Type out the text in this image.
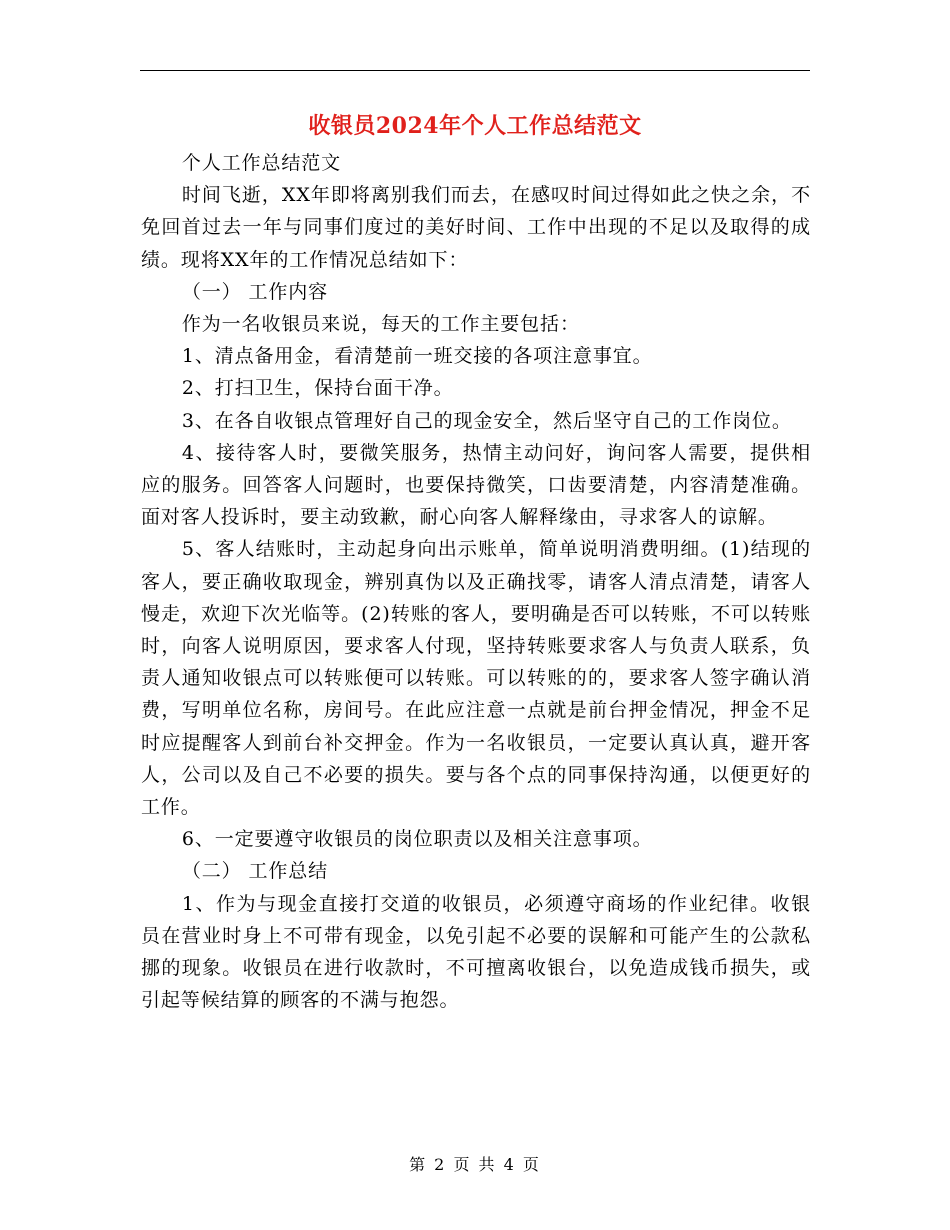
收银员2024年个人工作总结范文

个人工作总结范文

时间飞逝，XX年即将离别我们而去，在感叹时间过得如此之快之余，不免回首过去一年与同事们度过的美好时间、工作中出现的不足以及取得的成绩。现将XX年的工作情况总结如下：

（一） 工作内容

作为一名收银员来说，每天的工作主要包括：

1、清点备用金，看清楚前一班交接的各项注意事宜。

2、打扫卫生，保持台面干净。

3、在各自收银点管理好自己的现金安全，然后坚守自己的工作岗位。

4、接待客人时，要微笑服务，热情主动问好，询问客人需要，提供相应的服务。回答客人问题时，也要保持微笑，口齿要清楚，内容清楚准确。面对客人投诉时，要主动致歉，耐心向客人解释缘由，寻求客人的谅解。

5、客人结账时，主动起身向出示账单，简单说明消费明细。(1)结现的客人，要正确收取现金，辨别真伪以及正确找零，请客人清点清楚，请客人慢走，欢迎下次光临等。(2)转账的客人，要明确是否可以转账，不可以转账时，向客人说明原因，要求客人付现，坚持转账要求客人与负责人联系，负责人通知收银点可以转账便可以转账。可以转账的的，要求客人签字确认消费，写明单位名称，房间号。在此应注意一点就是前台押金情况，押金不足时应提醒客人到前台补交押金。作为一名收银员，一定要认真认真，避开客人，公司以及自己不必要的损失。要与各个点的同事保持沟通，以便更好的工作。

6、一定要遵守收银员的岗位职责以及相关注意事项。

（二） 工作总结

1、作为与现金直接打交道的收银员，必须遵守商场的作业纪律。收银员在营业时身上不可带有现金，以免引起不必要的误解和可能产生的公款私挪的现象。收银员在进行收款时，不可擅离收银台，以免造成钱币损失，或引起等候结算的顾客的不满与抱怨。

第 2 页 共 4 页
